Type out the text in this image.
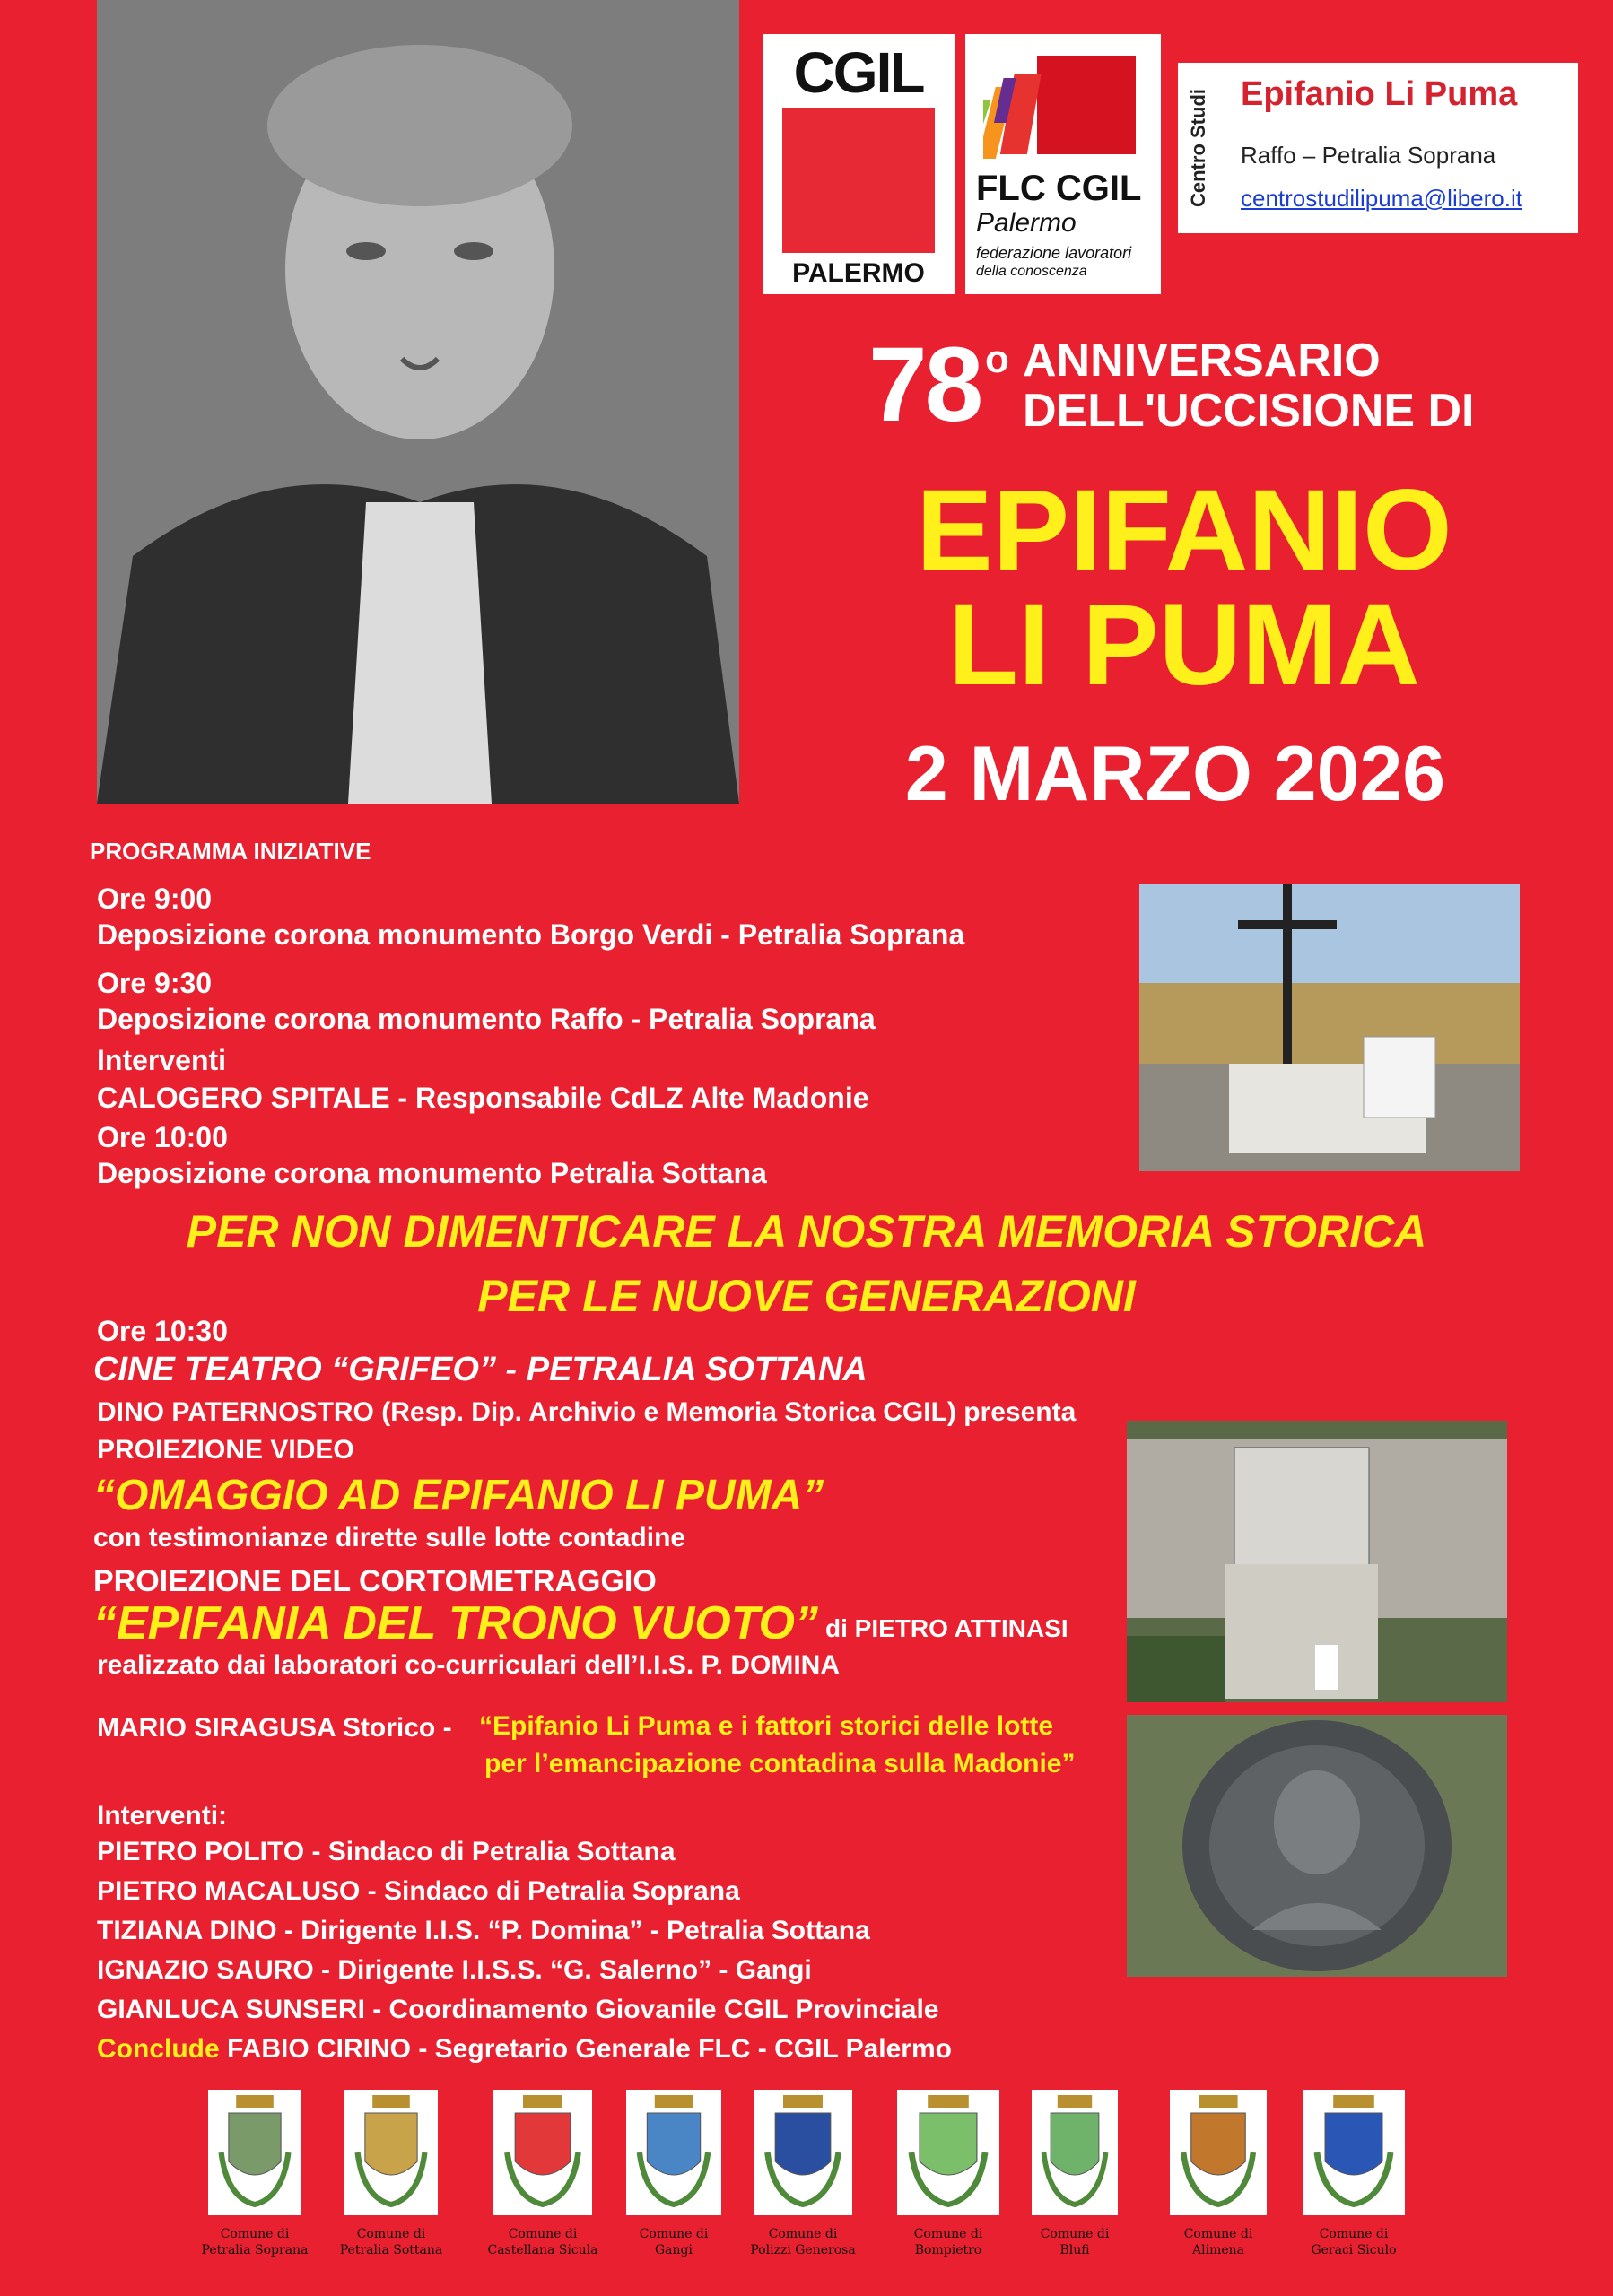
CGIL
PALERMO
FLC CGIL
Palermo
federazione lavoratori
della conoscenza
Centro Studi Epifanio Li Puma
Raffo – Petralia Soprana
centrostudilipuma@libero.it
78 o ANNIVERSARIO
DELL'UCCISIONE DI
EPIFANIO
LI PUMA
2 MARZO 2026
PROGRAMMA INIZIATIVE
Ore 9:00
Deposizione corona monumento Borgo Verdi - Petralia Soprana
Ore 9:30
Deposizione corona monumento Raffo - Petralia Soprana
Interventi
CALOGERO SPITALE - Responsabile CdLZ Alte Madonie
Ore 10:00
Deposizione corona monumento Petralia Sottana
PER NON DIMENTICARE LA NOSTRA MEMORIA STORICA
PER LE NUOVE GENERAZIONI
Ore 10:30
CINE TEATRO “GRIFEO” - PETRALIA SOTTANA
DINO PATERNOSTRO (Resp. Dip. Archivio e Memoria Storica CGIL) presenta
PROIEZIONE VIDEO
“OMAGGIO AD EPIFANIO LI PUMA”
con testimonianze dirette sulle lotte contadine
PROIEZIONE DEL CORTOMETRAGGIO
“EPIFANIA DEL TRONO VUOTO” di PIETRO ATTINASI
realizzato dai laboratori co-curriculari dell’I.I.S. P. DOMINA
MARIO SIRAGUSA Storico - “Epifanio Li Puma e i fattori storici delle lotte
per l’emancipazione contadina sulla Madonie”
Interventi:
PIETRO POLITO - Sindaco di Petralia Sottana
PIETRO MACALUSO - Sindaco di Petralia Soprana
TIZIANA DINO - Dirigente I.I.S. “P. Domina” - Petralia Sottana
IGNAZIO SAURO - Dirigente I.I.S.S. “G. Salerno” - Gangi
GIANLUCA SUNSERI - Coordinamento Giovanile CGIL Provinciale
Conclude FABIO CIRINO - Segretario Generale FLC - CGIL Palermo
Comune di
Petralia Soprana
Comune di
Petralia Sottana
Comune di
Castellana Sicula
Comune di
Gangi
Comune di
Polizzi Generosa
Comune di
Bompietro
Comune di
Blufi
Comune di
Alimena
Comune di
Geraci Siculo
